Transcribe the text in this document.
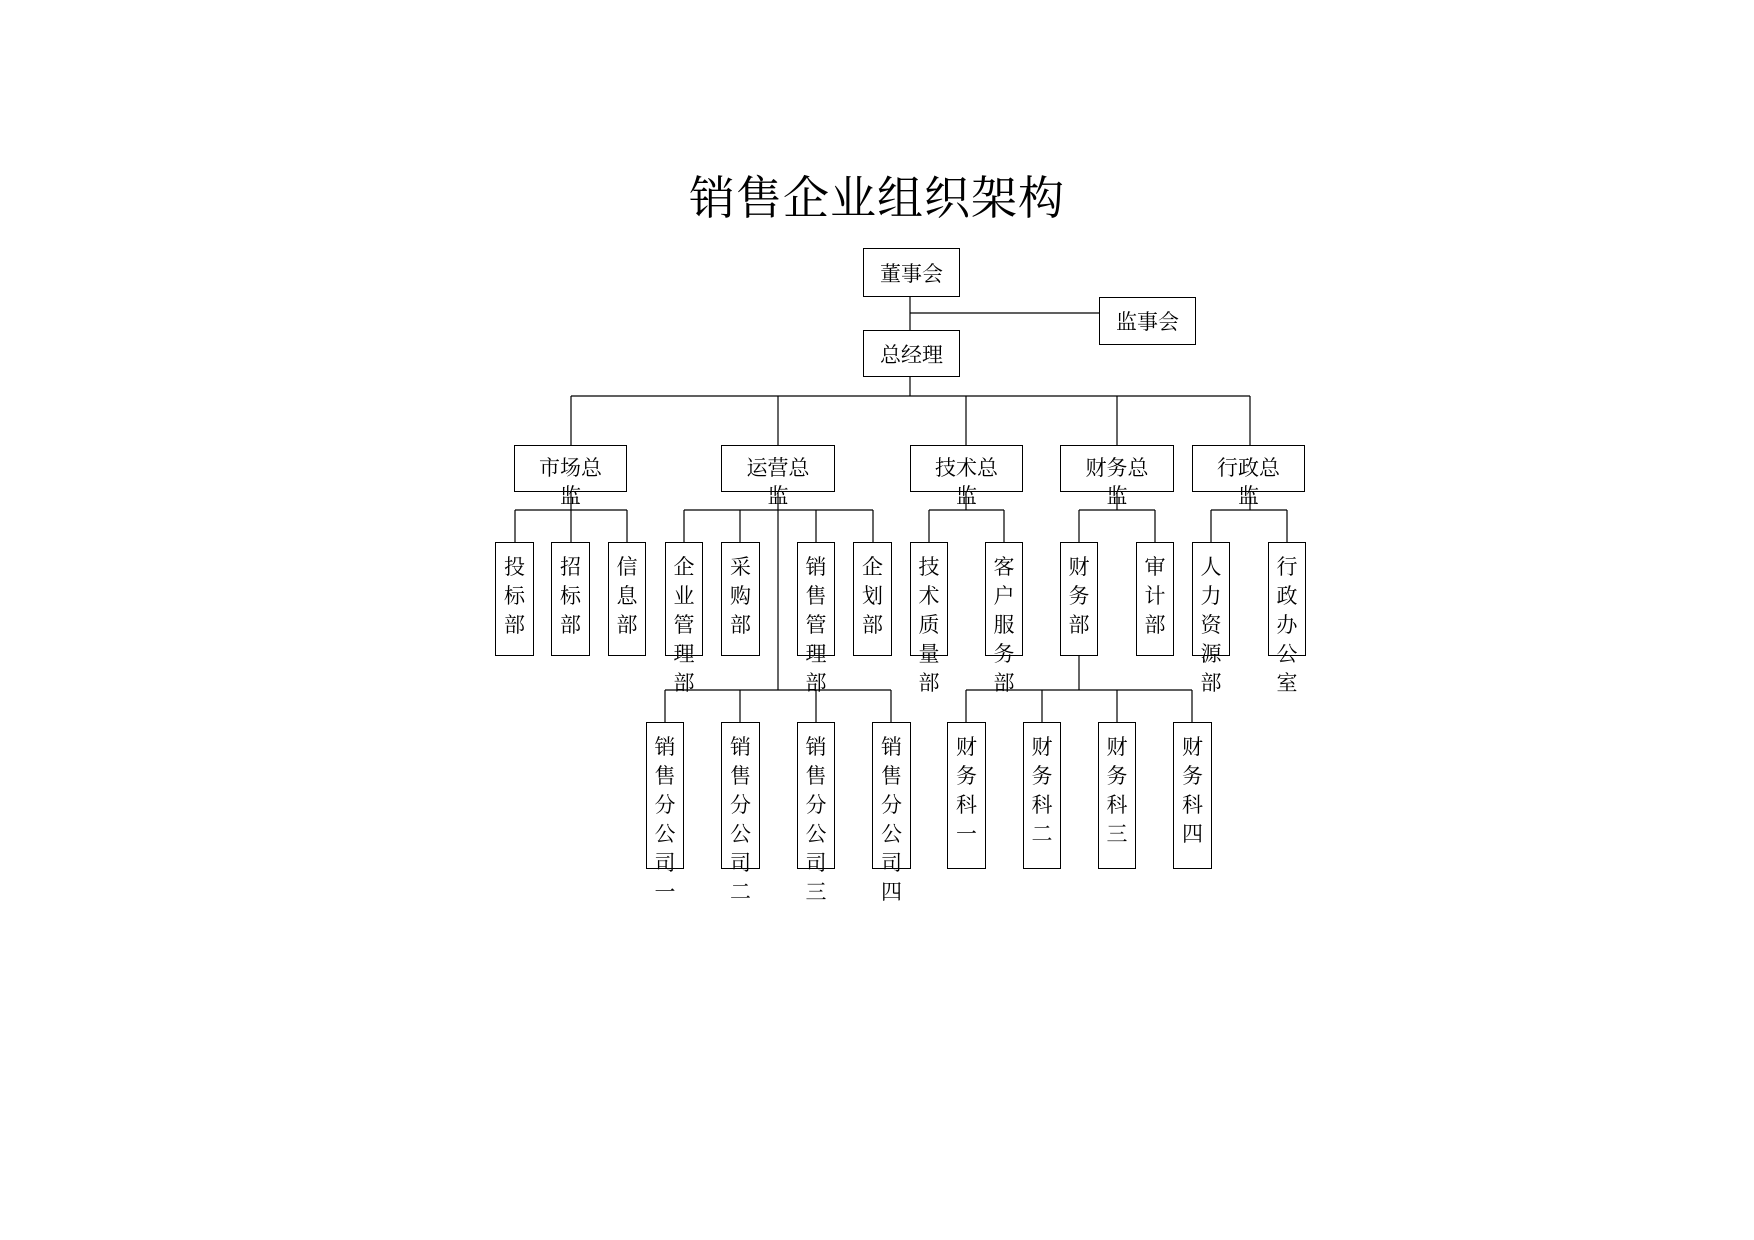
销售企业组织架构
董事会
监事会
总经理
市场总监
运营总监
技术总监
财务总监
行政总监
投标部
招标部
信息部
企业管理部
采购部
销售管理部
企划部
技术质量部
客户服务部
财务部
审计部
人力资源部
行政办公室
销售分公司一
销售分公司二
销售分公司三
销售分公司四
财务科一
财务科二
财务科三
财务科四
